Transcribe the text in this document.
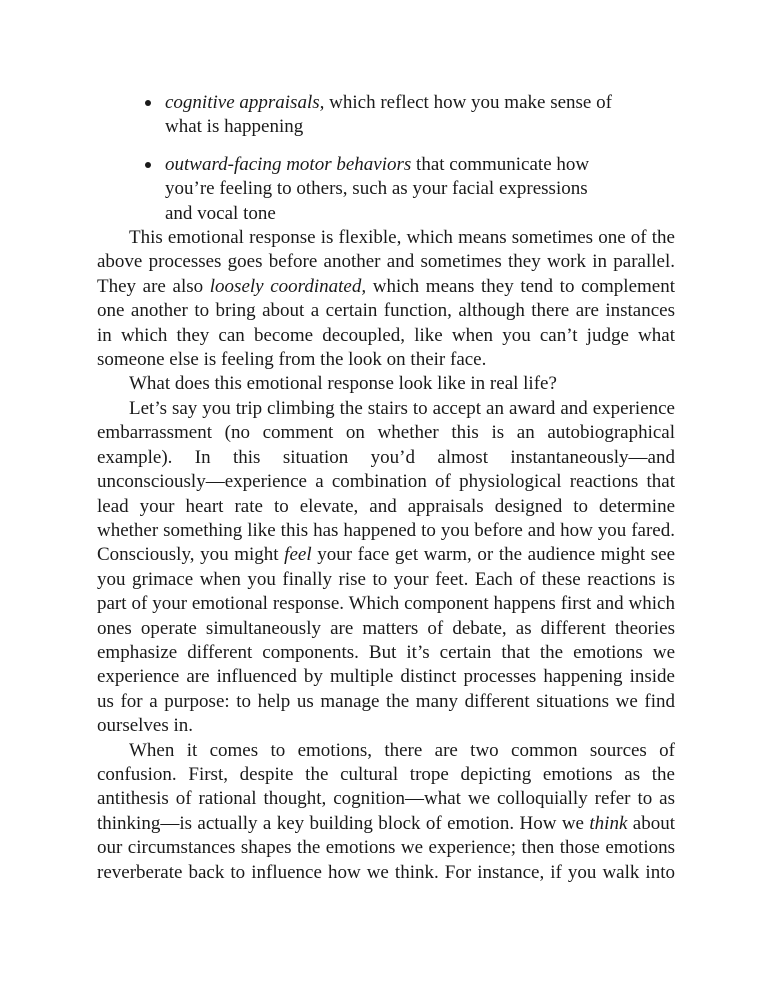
cognitive appraisals, which reflect how you make sense of what is happening
outward-facing motor behaviors that communicate how you’re feeling to others, such as your facial expressions and vocal tone

This emotional response is flexible, which means sometimes one of the above processes goes before another and sometimes they work in parallel. They are also loosely coordinated, which means they tend to complement one another to bring about a certain function, although there are instances in which they can become decoupled, like when you can’t judge what someone else is feeling from the look on their face.

What does this emotional response look like in real life?

Let’s say you trip climbing the stairs to accept an award and experience embarrassment (no comment on whether this is an autobiographical example). In this situation you’d almost instantaneously—and unconsciously—experience a combination of physiological reactions that lead your heart rate to elevate, and appraisals designed to determine whether something like this has happened to you before and how you fared. Consciously, you might feel your face get warm, or the audience might see you grimace when you finally rise to your feet. Each of these reactions is part of your emotional response. Which component happens first and which ones operate simultaneously are matters of debate, as different theories emphasize different components. But it’s certain that the emotions we experience are influenced by multiple distinct processes happening inside us for a purpose: to help us manage the many different situations we find ourselves in.

When it comes to emotions, there are two common sources of confusion. First, despite the cultural trope depicting emotions as the antithesis of rational thought, cognition—what we colloquially refer to as thinking—is actually a key building block of emotion. How we think about our circumstances shapes the emotions we experience; then those emotions reverberate back to influence how we think. For instance, if you walk into
